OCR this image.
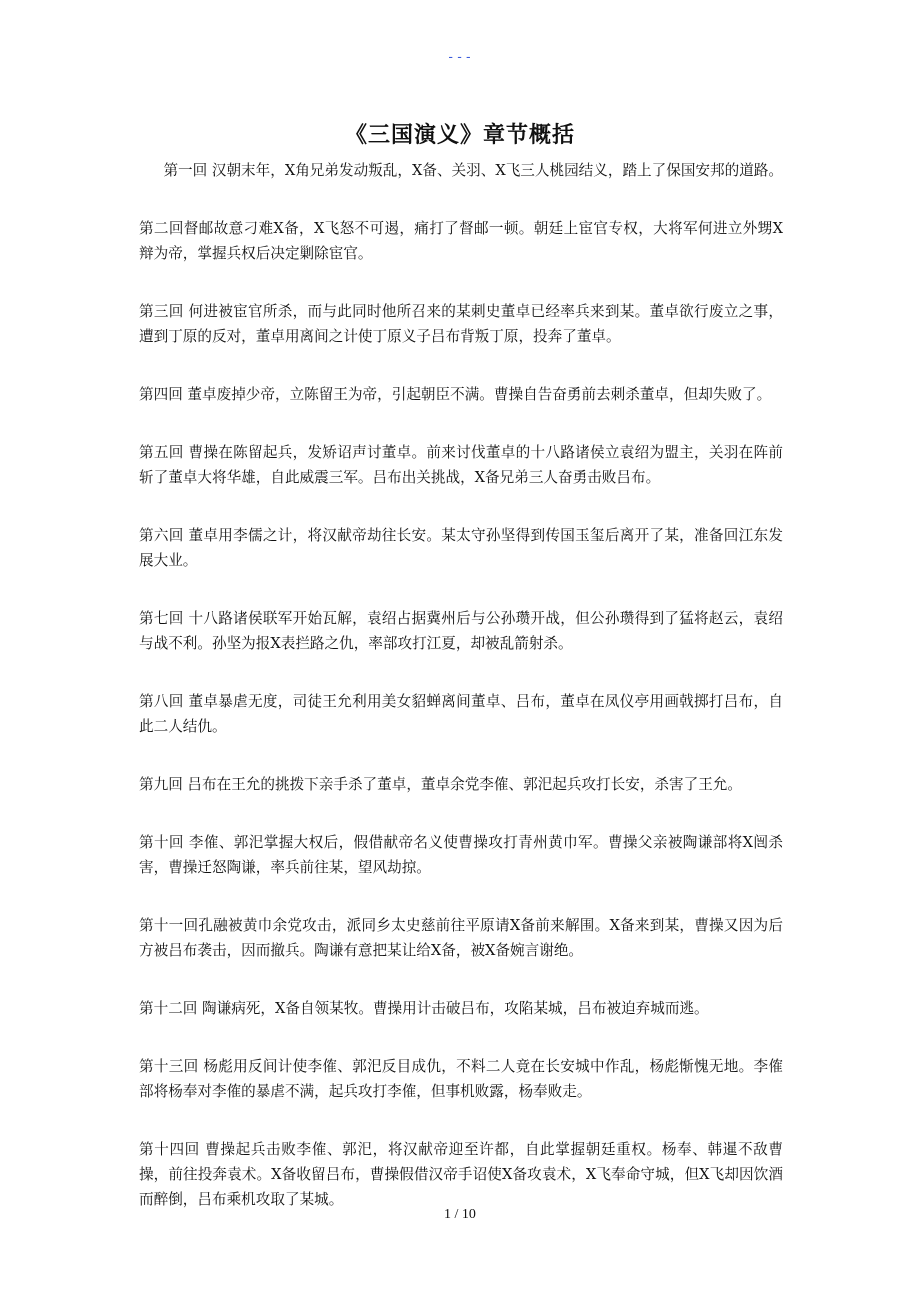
---
《三国演义》章节概括

第一回 汉朝末年，X角兄弟发动叛乱，X备、关羽、X飞三人桃园结义，踏上了保国安邦的道路。

第二回督邮故意刁难X备，X飞怒不可遏，痛打了督邮一顿。朝廷上宦官专权，大将军何进立外甥X辩为帝，掌握兵权后决定剿除宦官。

第三回 何进被宦官所杀，而与此同时他所召来的某刺史董卓已经率兵来到某。董卓欲行废立之事，遭到丁原的反对，董卓用离间之计使丁原义子吕布背叛丁原，投奔了董卓。

第四回 董卓废掉少帝，立陈留王为帝，引起朝臣不满。曹操自告奋勇前去刺杀董卓，但却失败了。

第五回 曹操在陈留起兵，发矫诏声讨董卓。前来讨伐董卓的十八路诸侯立袁绍为盟主，关羽在阵前斩了董卓大将华雄，自此威震三军。吕布出关挑战，X备兄弟三人奋勇击败吕布。

第六回 董卓用李儒之计，将汉献帝劫往长安。某太守孙坚得到传国玉玺后离开了某，准备回江东发展大业。

第七回 十八路诸侯联军开始瓦解，袁绍占据冀州后与公孙瓒开战，但公孙瓒得到了猛将赵云，袁绍与战不利。孙坚为报X表拦路之仇，率部攻打江夏，却被乱箭射杀。

第八回 董卓暴虐无度，司徒王允利用美女貂蝉离间董卓、吕布，董卓在凤仪亭用画戟掷打吕布，自此二人结仇。

第九回 吕布在王允的挑拨下亲手杀了董卓，董卓余党李傕、郭汜起兵攻打长安，杀害了王允。

第十回 李傕、郭汜掌握大权后，假借献帝名义使曹操攻打青州黄巾军。曹操父亲被陶谦部将X闿杀害，曹操迁怒陶谦，率兵前往某，望风劫掠。

第十一回孔融被黄巾余党攻击，派同乡太史慈前往平原请X备前来解围。X备来到某，曹操又因为后方被吕布袭击，因而撤兵。陶谦有意把某让给X备，被X备婉言谢绝。

第十二回 陶谦病死，X备自领某牧。曹操用计击破吕布，攻陷某城，吕布被迫弃城而逃。

第十三回 杨彪用反间计使李傕、郭汜反目成仇，不料二人竟在长安城中作乱，杨彪惭愧无地。李傕部将杨奉对李傕的暴虐不满，起兵攻打李傕，但事机败露，杨奉败走。

第十四回 曹操起兵击败李傕、郭汜，将汉献帝迎至许都，自此掌握朝廷重权。杨奉、韩暹不敌曹操，前往投奔袁术。X备收留吕布，曹操假借汉帝手诏使X备攻袁术，X飞奉命守城，但X飞却因饮酒而醉倒，吕布乘机攻取了某城。

1 / 10
